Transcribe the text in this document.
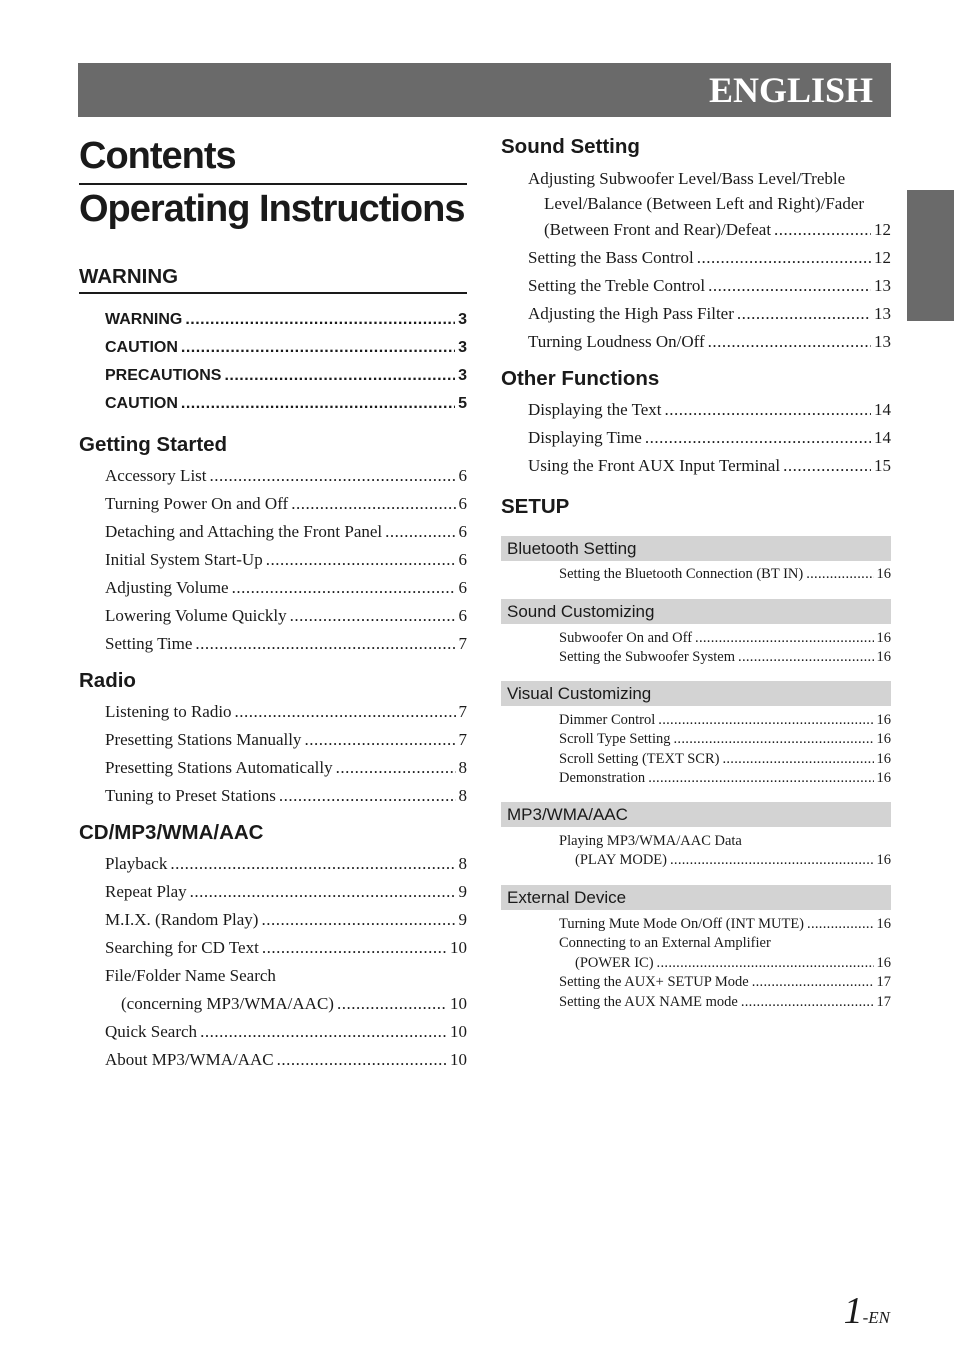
ENGLISH
Contents
Operating Instructions
WARNING
WARNING .....	3
CAUTION .....	3
PRECAUTIONS .....	3
CAUTION .....	5
Getting Started
Accessory List .....	6
Turning Power On and Off .....	6
Detaching and Attaching the Front Panel .....	6
Initial System Start-Up .....	6
Adjusting Volume .....	6
Lowering Volume Quickly .....	6
Setting Time .....	7
Radio
Listening to Radio .....	7
Presetting Stations Manually .....	7
Presetting Stations Automatically .....	8
Tuning to Preset Stations .....	8
CD/MP3/WMA/AAC
Playback .....	8
Repeat Play .....	9
M.I.X. (Random Play) .....	9
Searching for CD Text .....	10
File/Folder Name Search
(concerning MP3/WMA/AAC) .....	10
Quick Search .....	10
About MP3/WMA/AAC .....	10
Sound Setting
Adjusting Subwoofer Level/Bass Level/Treble
Level/Balance (Between Left and Right)/Fader
(Between Front and Rear)/Defeat .....	12
Setting the Bass Control .....	12
Setting the Treble Control .....	13
Adjusting the High Pass Filter .....	13
Turning Loudness On/Off .....	13
Other Functions
Displaying the Text .....	14
Displaying Time .....	14
Using the Front AUX Input Terminal .....	15
SETUP
Bluetooth Setting
Setting the Bluetooth Connection (BT IN) .....	16
Sound Customizing
Subwoofer On and Off .....	16
Setting the Subwoofer System .....	16
Visual Customizing
Dimmer Control .....	16
Scroll Type Setting .....	16
Scroll Setting (TEXT SCR) .....	16
Demonstration .....	16
MP3/WMA/AAC
Playing MP3/WMA/AAC Data
(PLAY MODE) .....	16
External Device
Turning Mute Mode On/Off (INT MUTE) .....	16
Connecting to an External Amplifier
(POWER IC) .....	16
Setting the AUX+ SETUP Mode .....	17
Setting the AUX NAME mode .....	17
1-EN
